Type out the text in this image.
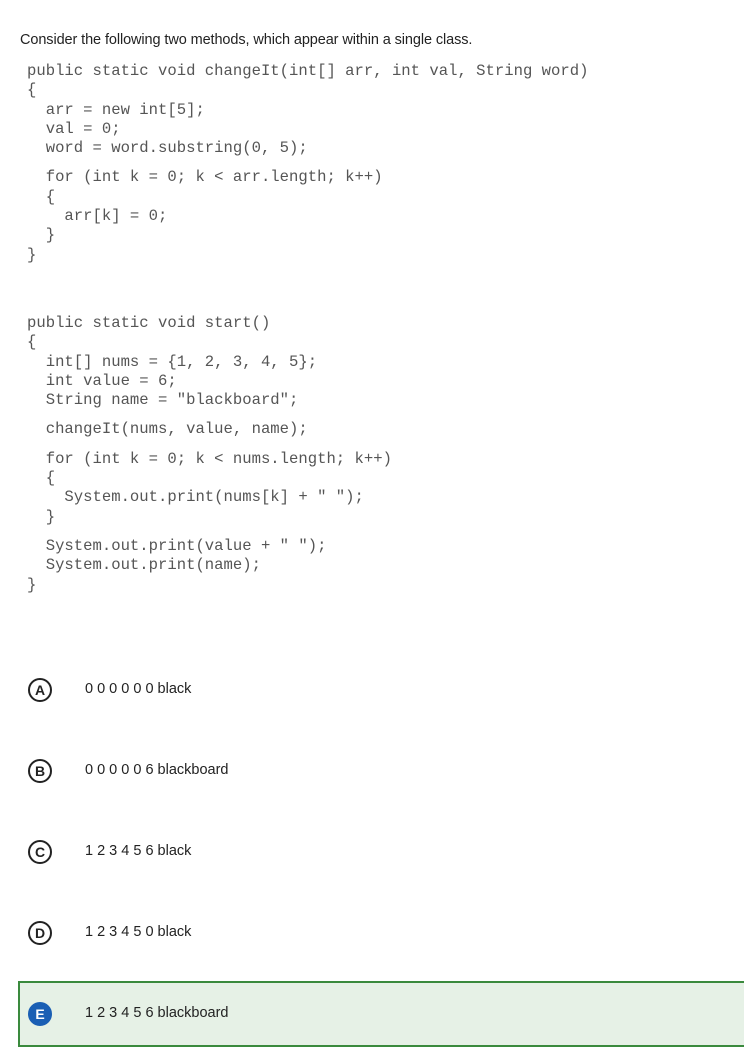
Consider the following two methods, which appear within a single class.
public static void changeIt(int[] arr, int val, String word)
{
arr = new int[5];
val = 0;
word = word.substring(0, 5);
for (int k = 0; k < arr.length; k++)
{
arr[k] = 0;
}
}
public static void start()
{
int[] nums = {1, 2, 3, 4, 5};
int value = 6;
String name = "blackboard";
changeIt(nums, value, name);
for (int k = 0; k < nums.length; k++)
{
System.out.print(nums[k] + " ");
}
System.out.print(value + " ");
System.out.print(name);
}
A	0 0 0 0 0 0 black
B	0 0 0 0 0 6 blackboard
C	1 2 3 4 5 6 black
D	1 2 3 4 5 0 black
E	1 2 3 4 5 6 blackboard
